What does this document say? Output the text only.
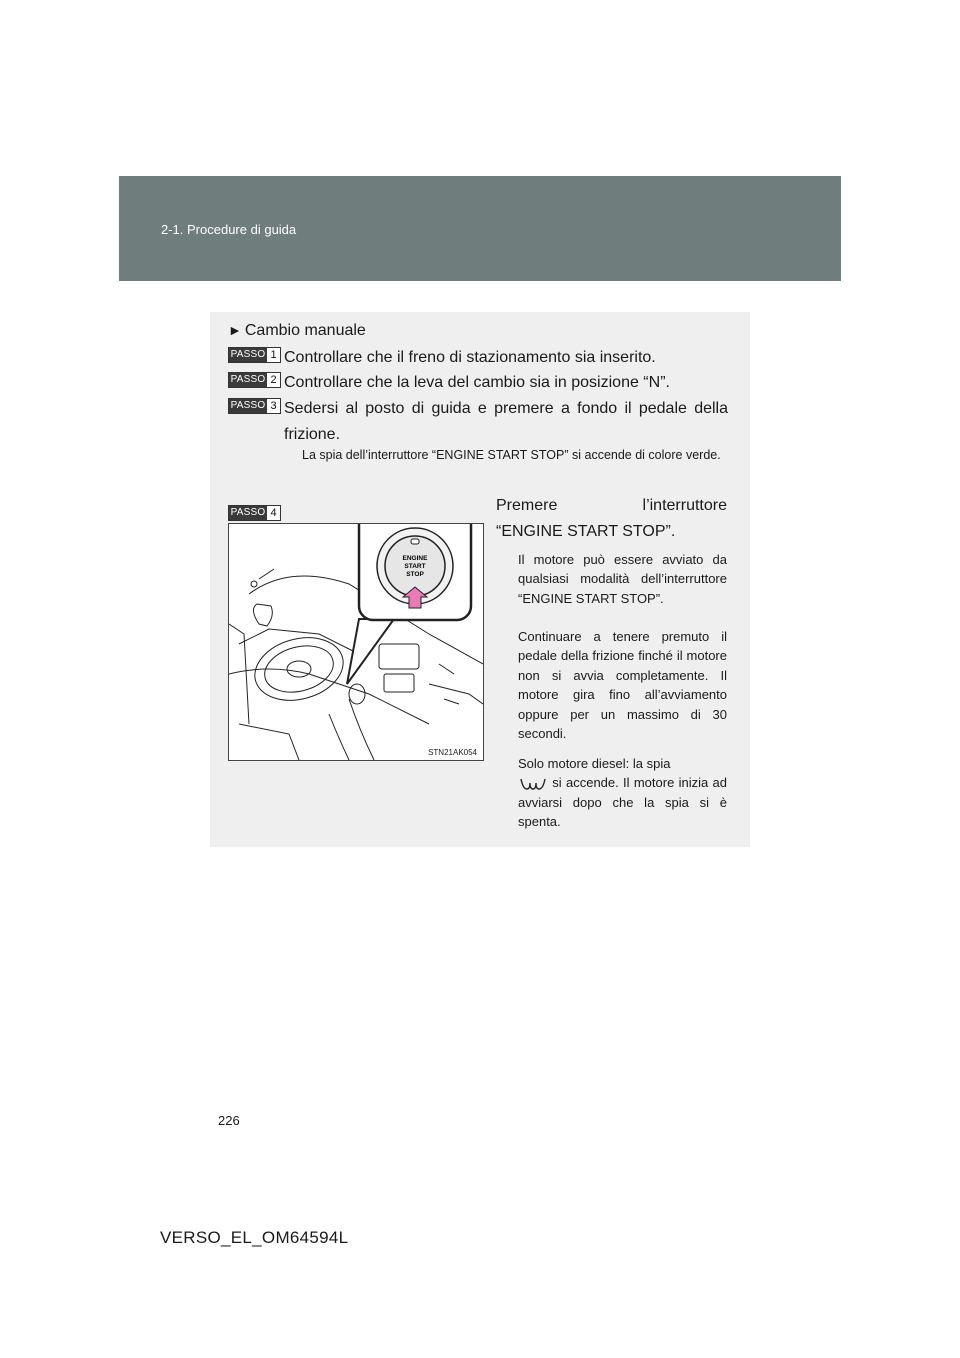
2-1. Procedure di guida
► Cambio manuale
PASSO 1 Controllare che il freno di stazionamento sia inserito.
PASSO 2 Controllare che la leva del cambio sia in posizione “N”.
PASSO 3 Sedersi al posto di guida e premere a fondo il pedale della frizione.
La spia dell’interruttore “ENGINE START STOP” si accende di colore verde.
PASSO 4
ENGINE
START
STOP
STN21AK054
Premere l’interruttore
“ENGINE START STOP”.
Il motore può essere avviato da qualsiasi modalità dell’interruttore “ENGINE START STOP”.
Continuare a tenere premuto il pedale della frizione finché il motore non si avvia completamente. Il motore gira fino all’avviamento oppure per un massimo di 30 secondi.
Solo motore diesel: la spia
si accende. Il motore inizia ad avviarsi dopo che la spia si è spenta.
226
VERSO_EL_OM64594L
